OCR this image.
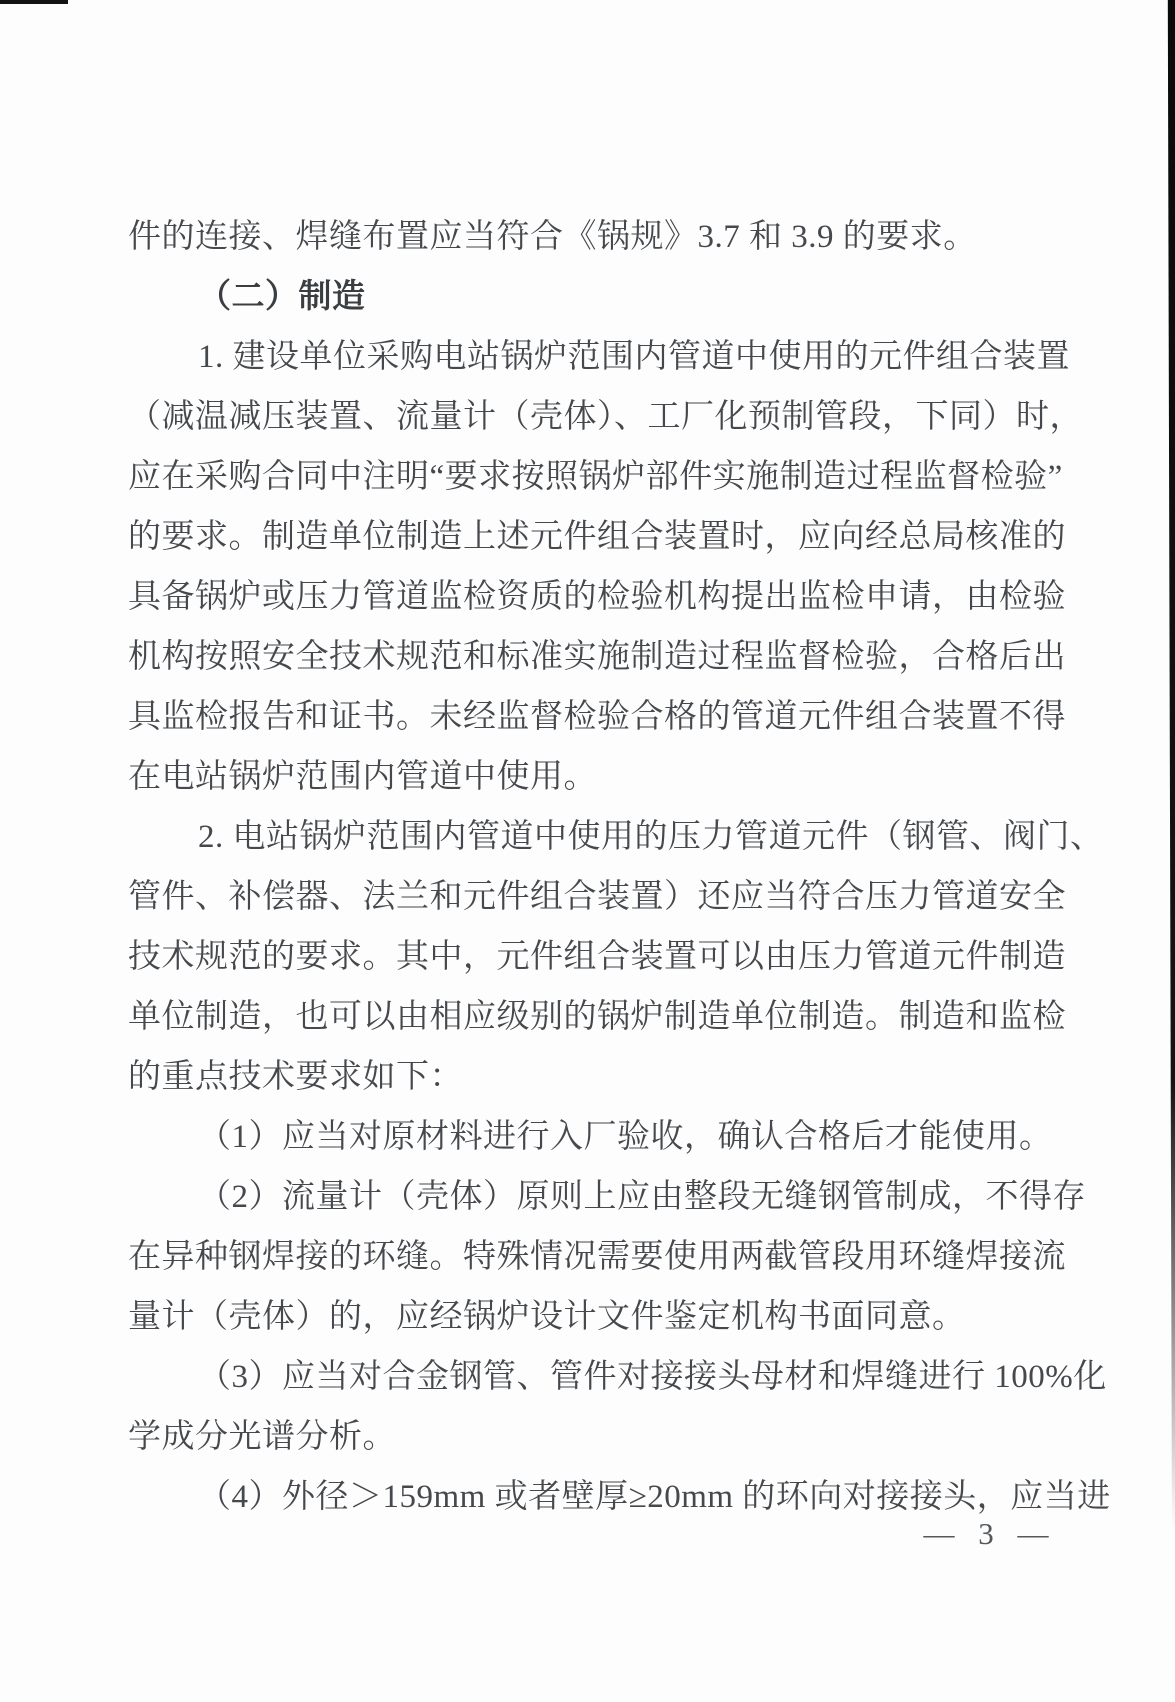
件的连接、焊缝布置应当符合《锅规》3.7 和 3.9 的要求。
（二）制造
1. 建设单位采购电站锅炉范围内管道中使用的元件组合装置
（减温减压装置、流量计（壳体）、工厂化预制管段，下同）时，
应在采购合同中注明“要求按照锅炉部件实施制造过程监督检验”
的要求。制造单位制造上述元件组合装置时，应向经总局核准的
具备锅炉或压力管道监检资质的检验机构提出监检申请，由检验
机构按照安全技术规范和标准实施制造过程监督检验，合格后出
具监检报告和证书。未经监督检验合格的管道元件组合装置不得
在电站锅炉范围内管道中使用。
2. 电站锅炉范围内管道中使用的压力管道元件（钢管、阀门、
管件、补偿器、法兰和元件组合装置）还应当符合压力管道安全
技术规范的要求。其中，元件组合装置可以由压力管道元件制造
单位制造，也可以由相应级别的锅炉制造单位制造。制造和监检
的重点技术要求如下：
（1）应当对原材料进行入厂验收，确认合格后才能使用。
（2）流量计（壳体）原则上应由整段无缝钢管制成，不得存
在异种钢焊接的环缝。特殊情况需要使用两截管段用环缝焊接流
量计（壳体）的，应经锅炉设计文件鉴定机构书面同意。
（3）应当对合金钢管、管件对接接头母材和焊缝进行 100%化
学成分光谱分析。
（4）外径＞159mm 或者壁厚≥20mm 的环向对接接头，应当进
— 3 —
